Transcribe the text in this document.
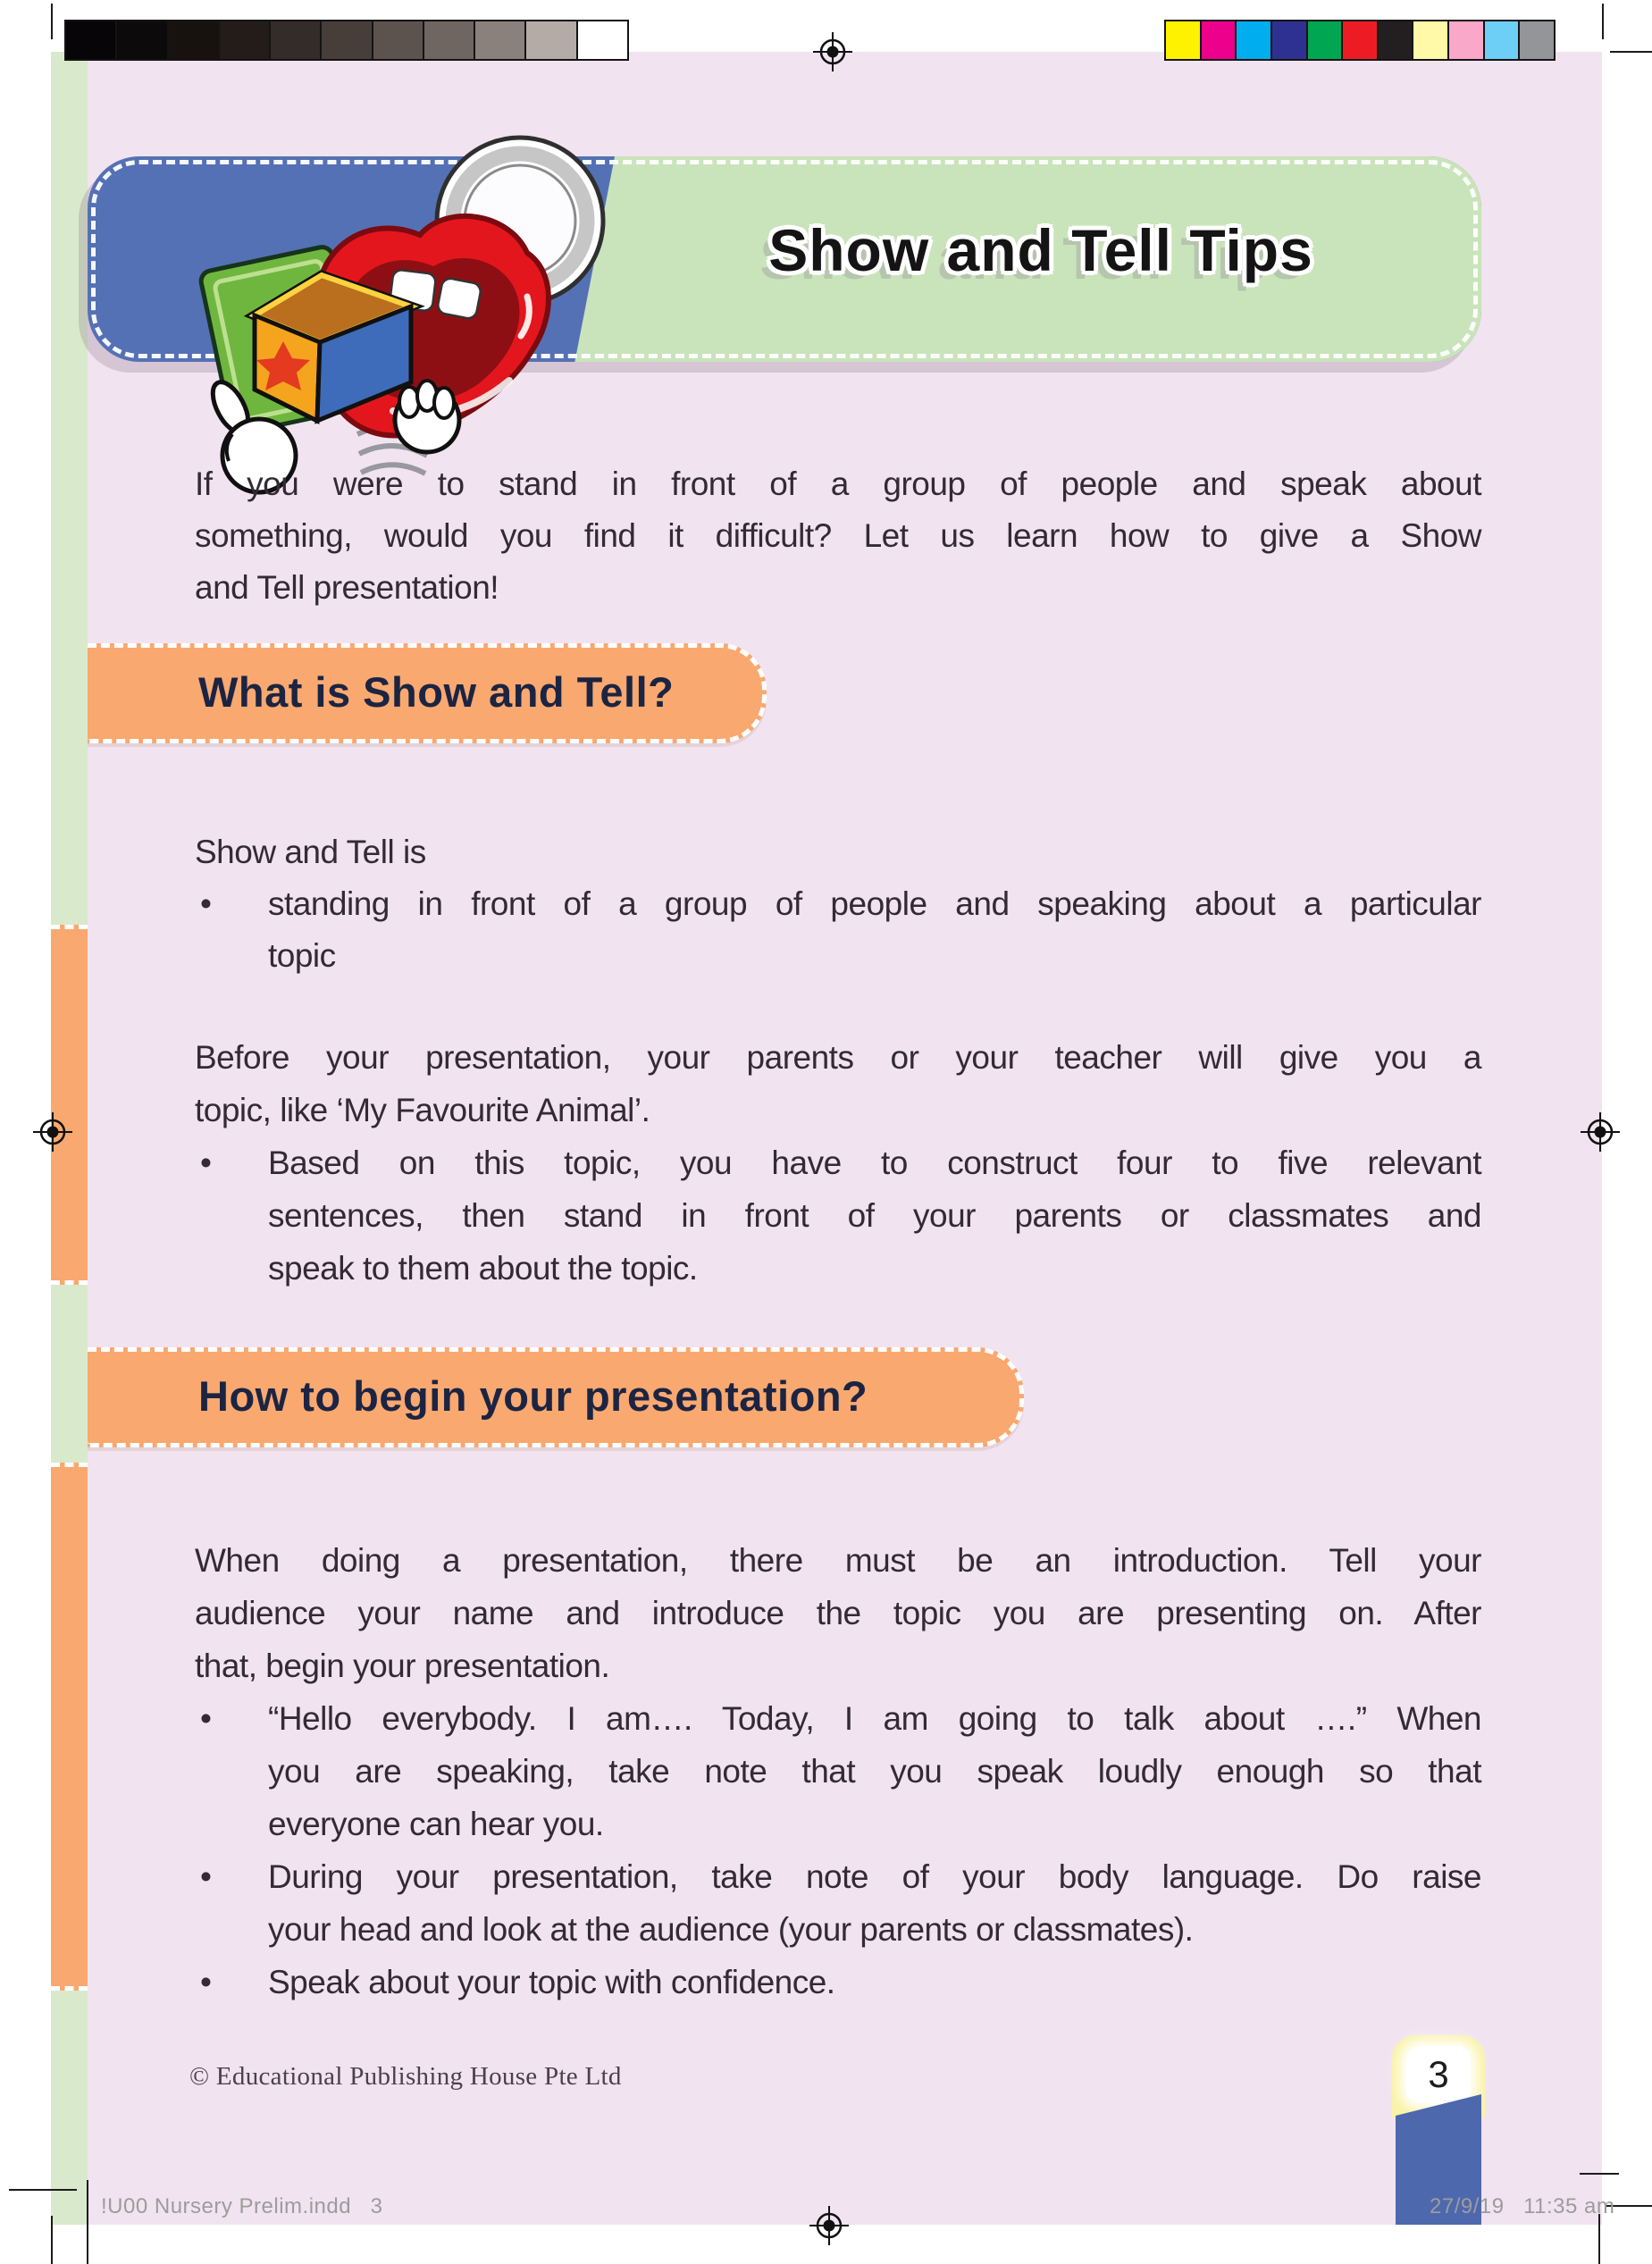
Show and Tell Tips
If you were to stand in front of a group of people and speak about
something, would you find it difficult? Let us learn how to give a Show
and Tell presentation!
What is Show and Tell?
Show and Tell is
•	standing in front of a group of people and speaking about a particular
topic
Before your presentation, your parents or your teacher will give you a
topic, like ‘My Favourite Animal’.
•	Based on this topic, you have to construct four to five relevant
sentences, then stand in front of your parents or classmates and
speak to them about the topic.
How to begin your presentation?
When doing a presentation, there must be an introduction. Tell your
audience your name and introduce the topic you are presenting on. After
that, begin your presentation.
•	“Hello everybody. I am…. Today, I am going to talk about ….” When
you are speaking, take note that you speak loudly enough so that
everyone can hear you.
•	During your presentation, take note of your body language. Do raise
your head and look at the audience (your parents or classmates).
•	Speak about your topic with confidence.
© Educational Publishing House Pte Ltd	3
!U00 Nursery Prelim.indd   3	27/9/19   11:35 am
